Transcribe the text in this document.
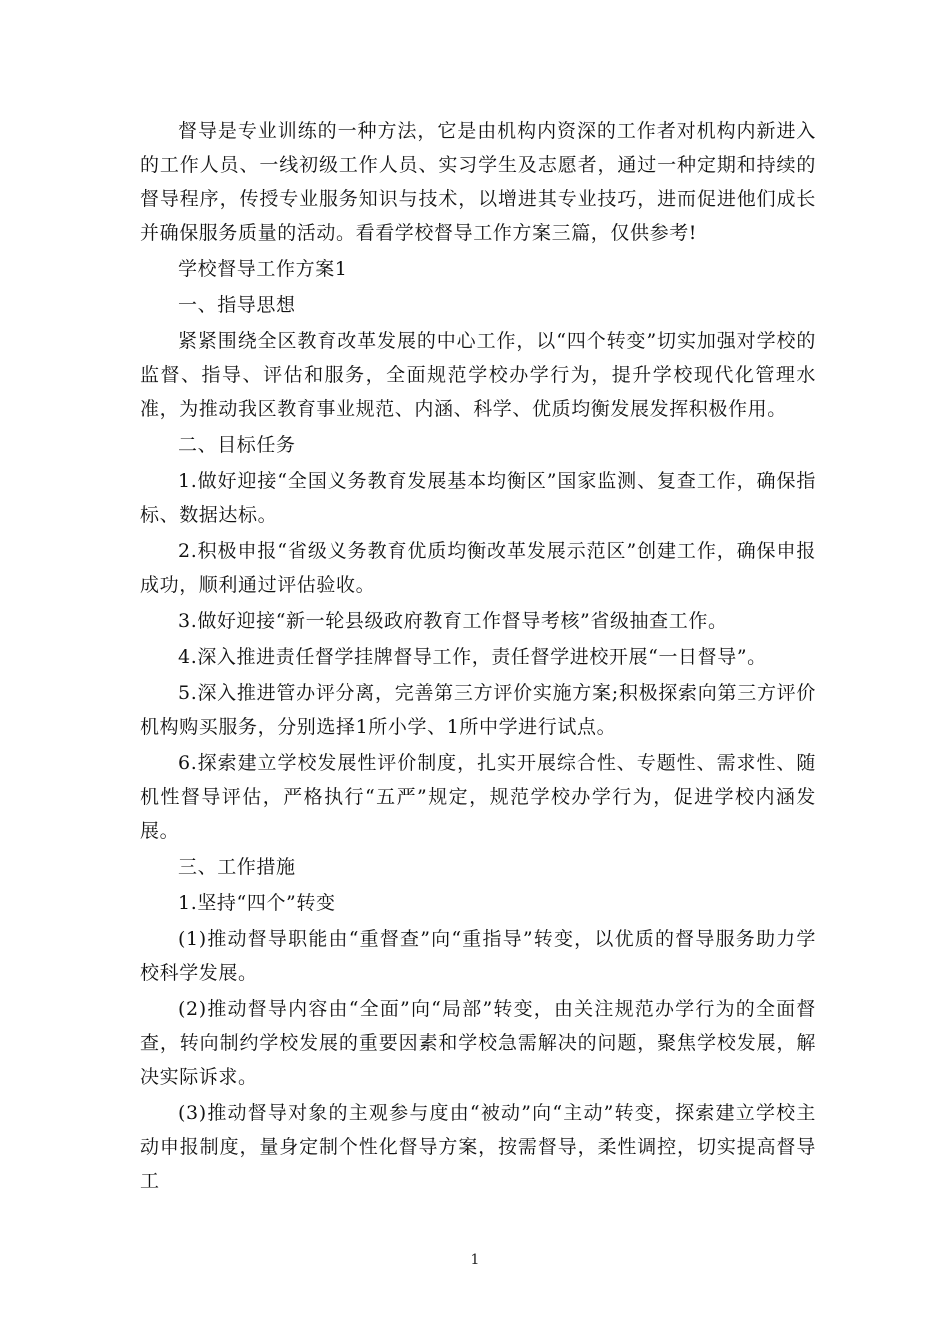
督导是专业训练的一种方法，它是由机构内资深的工作者对机构内新进入的工作人员、一线初级工作人员、实习学生及志愿者，通过一种定期和持续的督导程序，传授专业服务知识与技术，以增进其专业技巧，进而促进他们成长并确保服务质量的活动。看看学校督导工作方案三篇，仅供参考!

学校督导工作方案1

一、指导思想

紧紧围绕全区教育改革发展的中心工作，以“四个转变”切实加强对学校的监督、指导、评估和服务，全面规范学校办学行为，提升学校现代化管理水准，为推动我区教育事业规范、内涵、科学、优质均衡发展发挥积极作用。

二、目标任务

1.做好迎接“全国义务教育发展基本均衡区”国家监测、复查工作，确保指标、数据达标。

2.积极申报“省级义务教育优质均衡改革发展示范区”创建工作，确保申报成功，顺利通过评估验收。

3.做好迎接“新一轮县级政府教育工作督导考核”省级抽查工作。

4.深入推进责任督学挂牌督导工作，责任督学进校开展“一日督导”。

5.深入推进管办评分离，完善第三方评价实施方案;积极探索向第三方评价机构购买服务，分别选择1所小学、1所中学进行试点。

6.探索建立学校发展性评价制度，扎实开展综合性、专题性、需求性、随机性督导评估，严格执行“五严”规定，规范学校办学行为，促进学校内涵发展。

三、工作措施

1.坚持“四个”转变

(1)推动督导职能由“重督查”向“重指导”转变，以优质的督导服务助力学校科学发展。

(2)推动督导内容由“全面”向“局部”转变，由关注规范办学行为的全面督查，转向制约学校发展的重要因素和学校急需解决的问题，聚焦学校发展，解决实际诉求。

(3)推动督导对象的主观参与度由“被动”向“主动”转变，探索建立学校主动申报制度，量身定制个性化督导方案，按需督导，柔性调控，切实提高督导工

1
